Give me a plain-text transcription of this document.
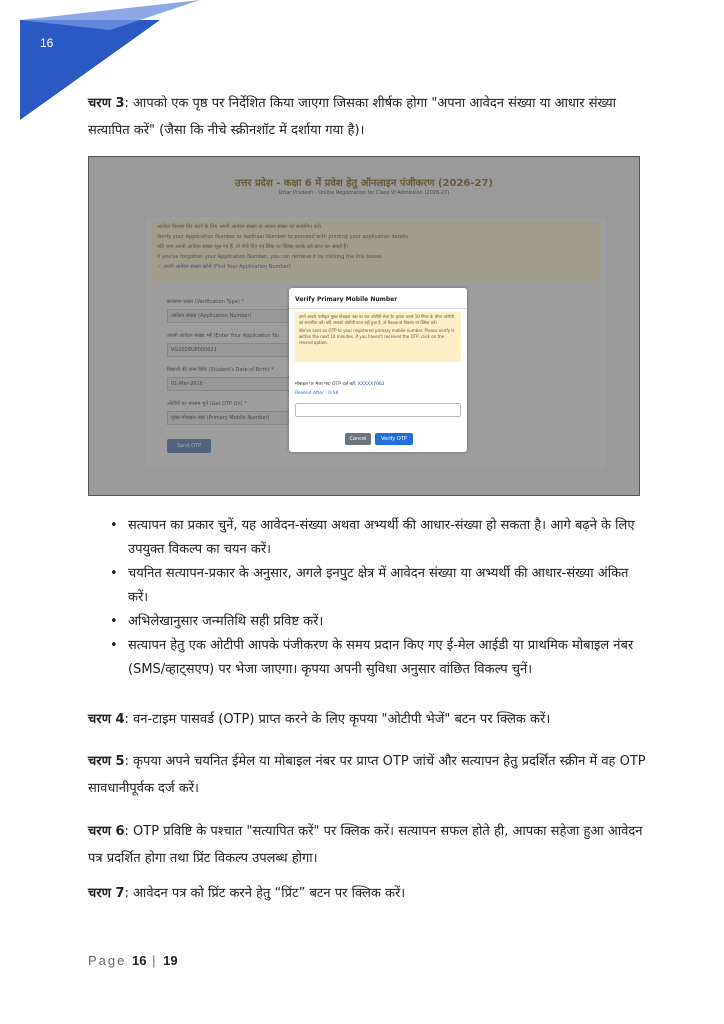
16
चरण 3: आपको एक पृष्ठ पर निर्देशित किया जाएगा जिसका शीर्षक होगा "अपना आवेदन संख्या या आधार संख्या सत्यापित करें" (जैसा कि नीचे स्क्रीनशॉट में दर्शाया गया है)।
Verify Primary Mobile Number
हमने आपके पंजीकृत मुख्य मोबाइल नंबर पर एक ओटीपी भेजा है। कृपया अगले 10 मिनट के भीतर ओटीपी को सत्यापित करें। यदि आपको ओटीपी प्राप्त नहीं हुआ है, तो Resend विकल्प पर क्लिक करें।
We've sent an OTP to your registered primary mobile number. Please verify it within the next 10 minutes. If you haven't received the OTP, click on the resend option.
मोबाइल पर भेजा गया OTP दर्ज करें: XXXXX7062
Resend After : 0:58
Cancel	Verify OTP
• सत्यापन का प्रकार चुनें, यह आवेदन-संख्या अथवा अभ्यर्थी की आधार-संख्या हो सकता है। आगे बढ़ने के लिए उपयुक्त विकल्प का चयन करें।
• चयनित सत्यापन-प्रकार के अनुसार, अगले इनपुट क्षेत्र में आवेदन संख्या या अभ्यर्थी की आधार-संख्या अंकित करें।
• अभिलेखानुसार जन्मतिथि सही प्रविष्ट करें।
• सत्यापन हेतु एक ओटीपी आपके पंजीकरण के समय प्रदान किए गए ई-मेल आईडी या प्राथमिक मोबाइल नंबर (SMS/व्हाट्सएप) पर भेजा जाएगा। कृपया अपनी सुविधा अनुसार वांछित विकल्प चुनें।
चरण 4: वन-टाइम पासवर्ड (OTP) प्राप्त करने के लिए कृपया "ओटीपी भेजें" बटन पर क्लिक करें।
चरण 5: कृपया अपने चयनित ईमेल या मोबाइल नंबर पर प्राप्त OTP जांचें और सत्यापन हेतु प्रदर्शित स्क्रीन में वह OTP सावधानीपूर्वक दर्ज करें।
चरण 6: OTP प्रविष्टि के पश्चात "सत्यापित करें" पर क्लिक करें। सत्यापन सफल होते ही, आपका सहेजा हुआ आवेदन पत्र प्रदर्शित होगा तथा प्रिंट विकल्प उपलब्ध होगा।
चरण 7: आवेदन पत्र को प्रिंट करने हेतु “प्रिंट” बटन पर क्लिक करें।
Page 16 | 19
